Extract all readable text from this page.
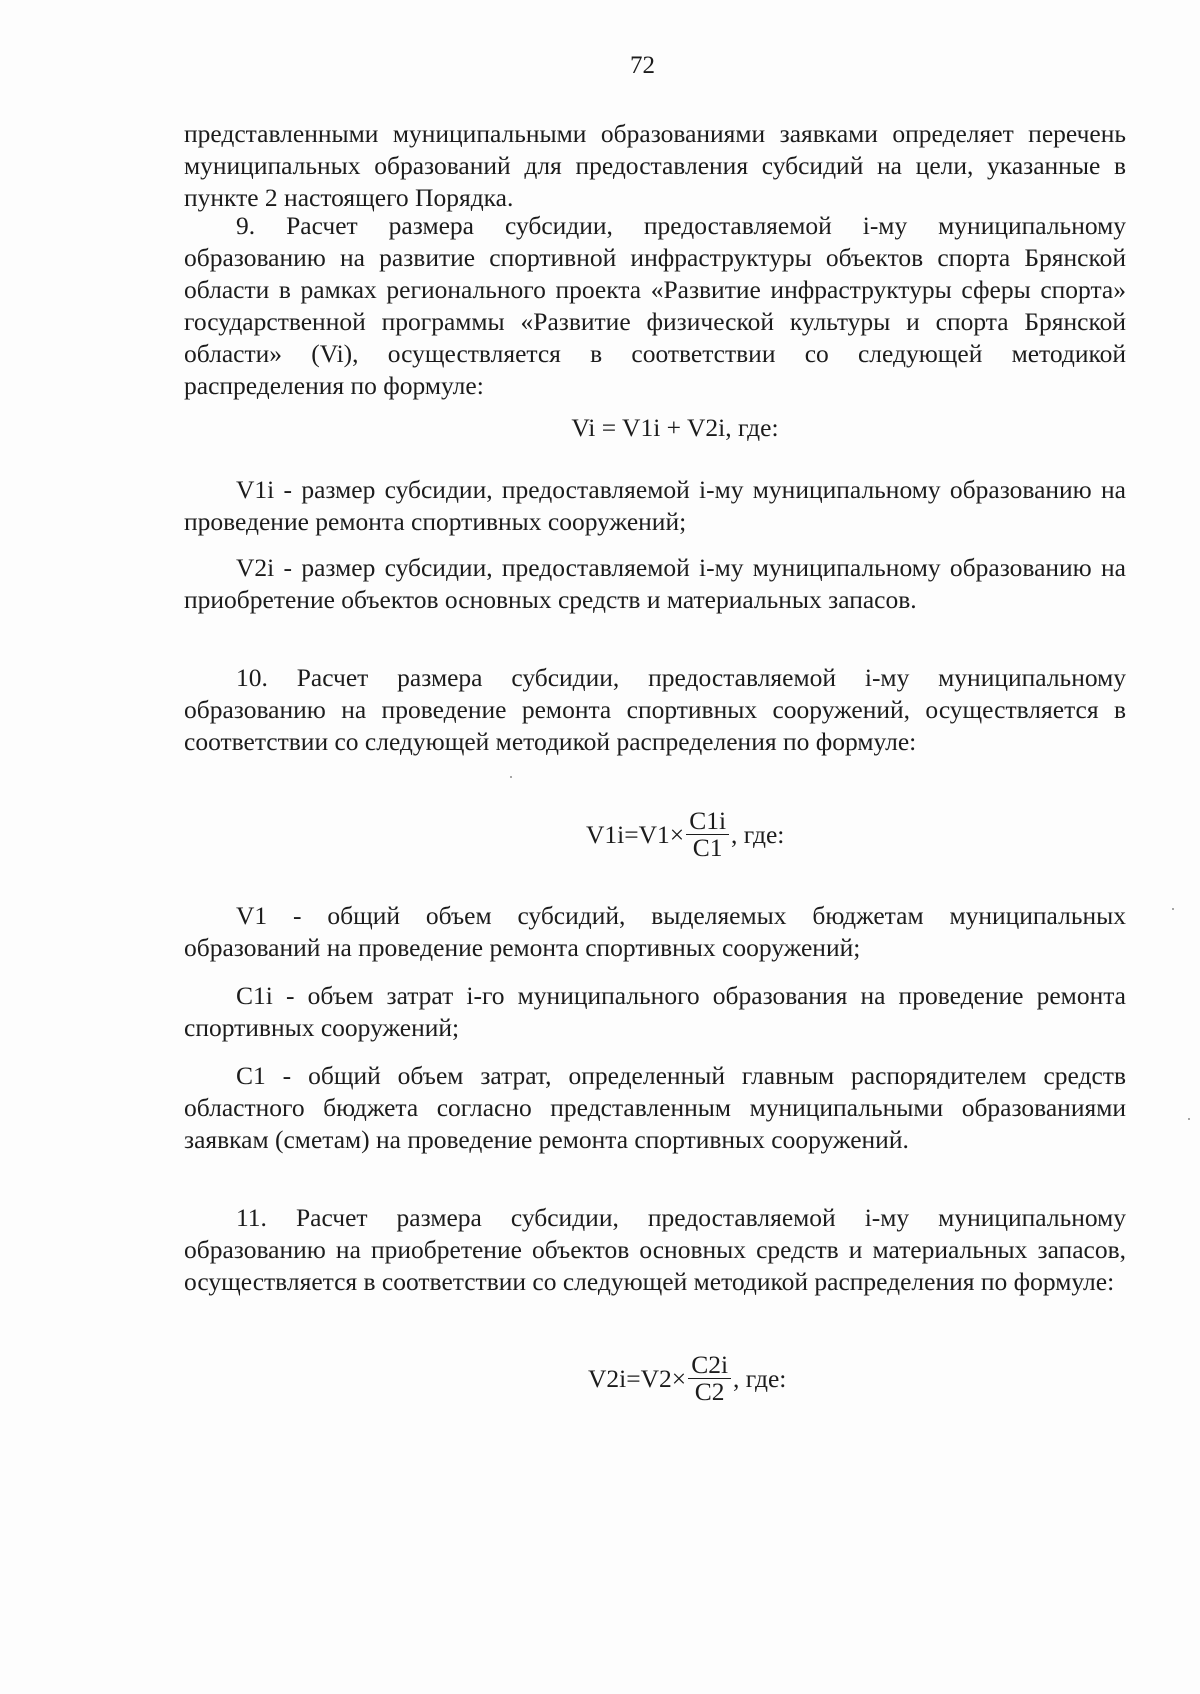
72

представленными муниципальными образованиями заявками определяет перечень муниципальных образований для предоставления субсидий на цели, указанные в пункте 2 настоящего Порядка.

9. Расчет размера субсидии, предоставляемой i-му муниципальному образованию на развитие спортивной инфраструктуры объектов спорта Брянской области в рамках регионального проекта «Развитие инфраструктуры сферы спорта» государственной программы «Развитие физической культуры и спорта Брянской области» (Vi), осуществляется в соответствии со следующей методикой распределения по формуле:

Vi = V1i + V2i, где:

V1i - размер субсидии, предоставляемой i-му муниципальному образованию на проведение ремонта спортивных сооружений;

V2i - размер субсидии, предоставляемой i-му муниципальному образованию на приобретение объектов основных средств и материальных запасов.

10. Расчет размера субсидии, предоставляемой i-му муниципальному образованию на проведение ремонта спортивных сооружений, осуществляется в соответствии со следующей методикой распределения по формуле:

$V1i=V1\times \frac{C1i}{C1}$ , где:

V1 - общий объем субсидий, выделяемых бюджетам муниципальных образований на проведение ремонта спортивных сооружений;

C1i - объем затрат i-го муниципального образования на проведение ремонта спортивных сооружений;

C1 - общий объем затрат, определенный главным распорядителем средств областного бюджета согласно представленным муниципальными образованиями заявкам (сметам) на проведение ремонта спортивных сооружений.

11. Расчет размера субсидии, предоставляемой i-му муниципальному образованию на приобретение объектов основных средств и материальных запасов, осуществляется в соответствии со следующей методикой распределения по формуле:

$V2i=V2\times \frac{C2i}{C2}$ , где:
